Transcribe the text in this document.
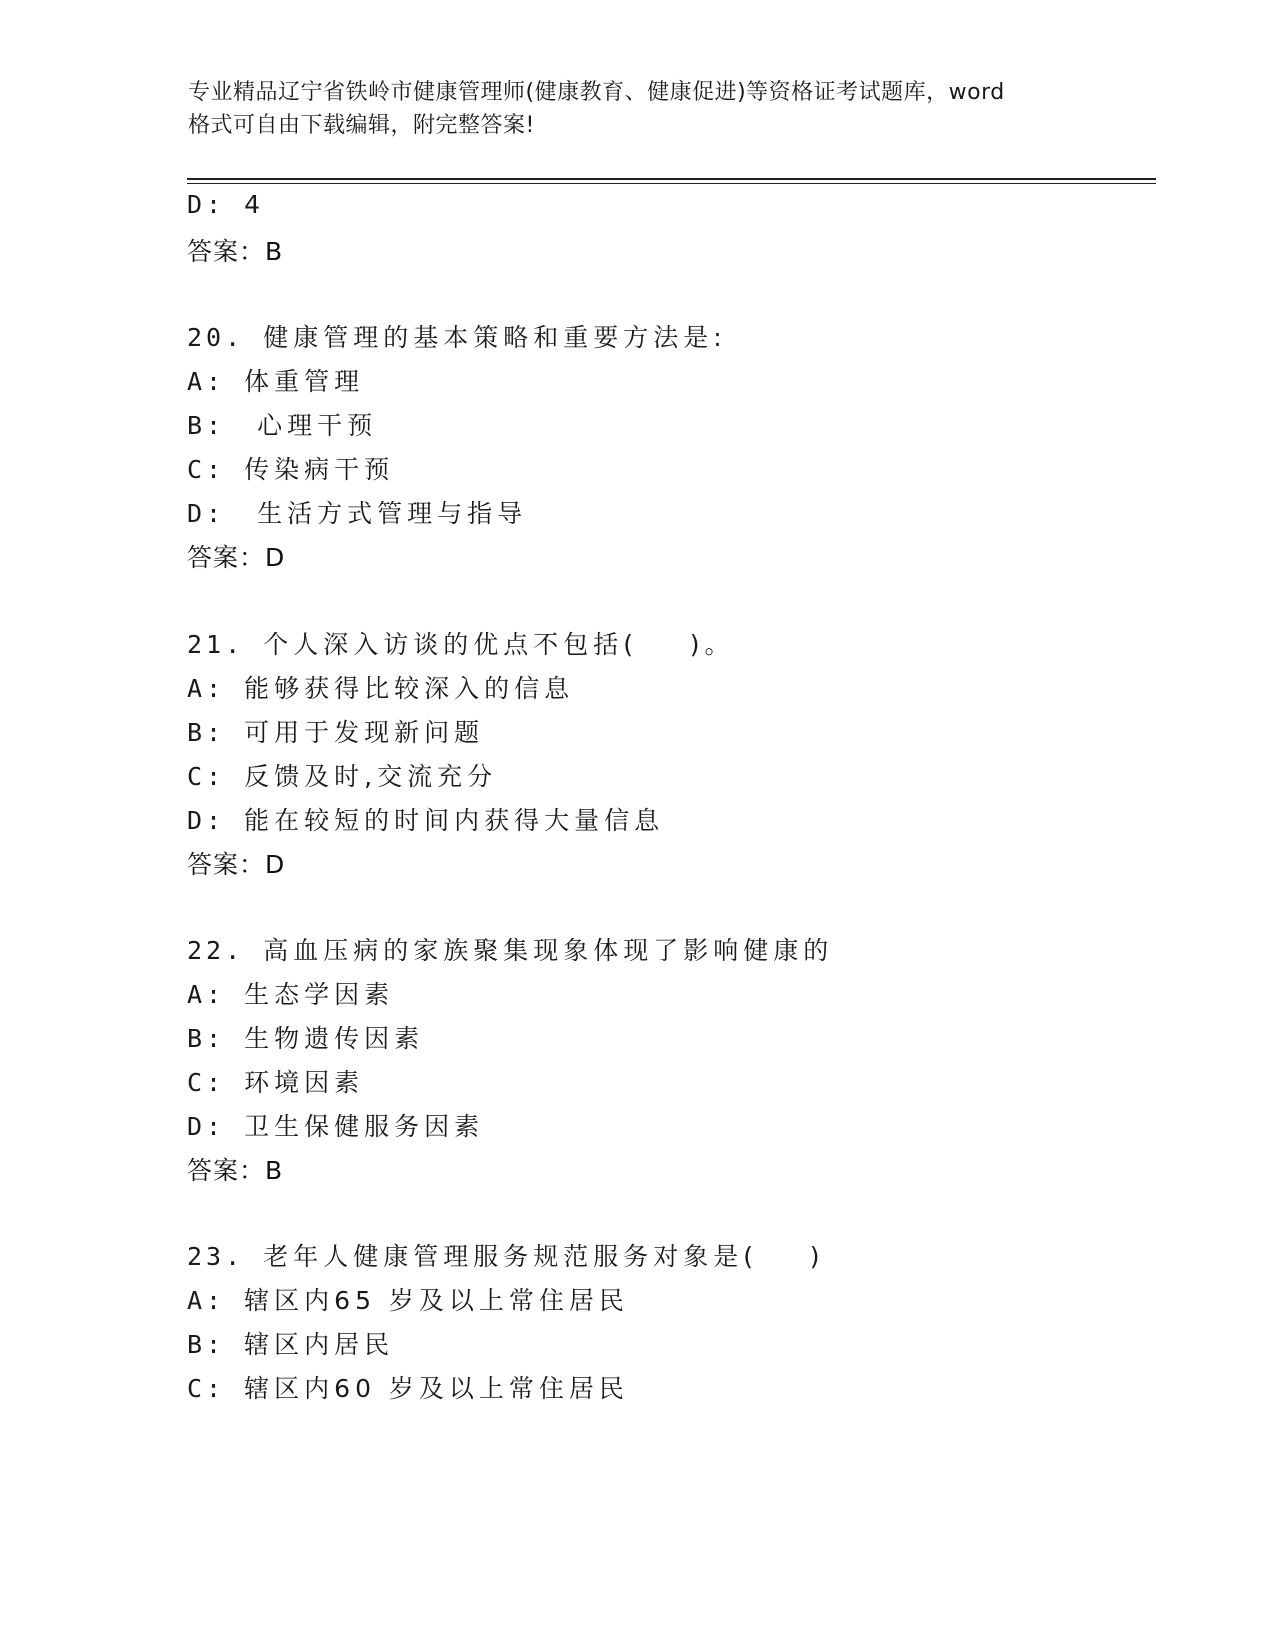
专业精品辽宁省铁岭市健康管理师(健康教育、健康促进)等资格证考试题库，word
格式可自由下载编辑，附完整答案!
D: 4
答案：B
20. 健康管理的基本策略和重要方法是:
A: 体重管理
B:  心理干预
C: 传染病干预
D:  生活方式管理与指导
答案：D
21. 个人深入访谈的优点不包括(    )。
A: 能够获得比较深入的信息
B: 可用于发现新问题
C: 反馈及时,交流充分
D: 能在较短的时间内获得大量信息
答案：D
22. 高血压病的家族聚集现象体现了影响健康的
A: 生态学因素
B: 生物遗传因素
C: 环境因素
D: 卫生保健服务因素
答案：B
23. 老年人健康管理服务规范服务对象是(    )
A: 辖区内65 岁及以上常住居民
B: 辖区内居民
C: 辖区内60 岁及以上常住居民
